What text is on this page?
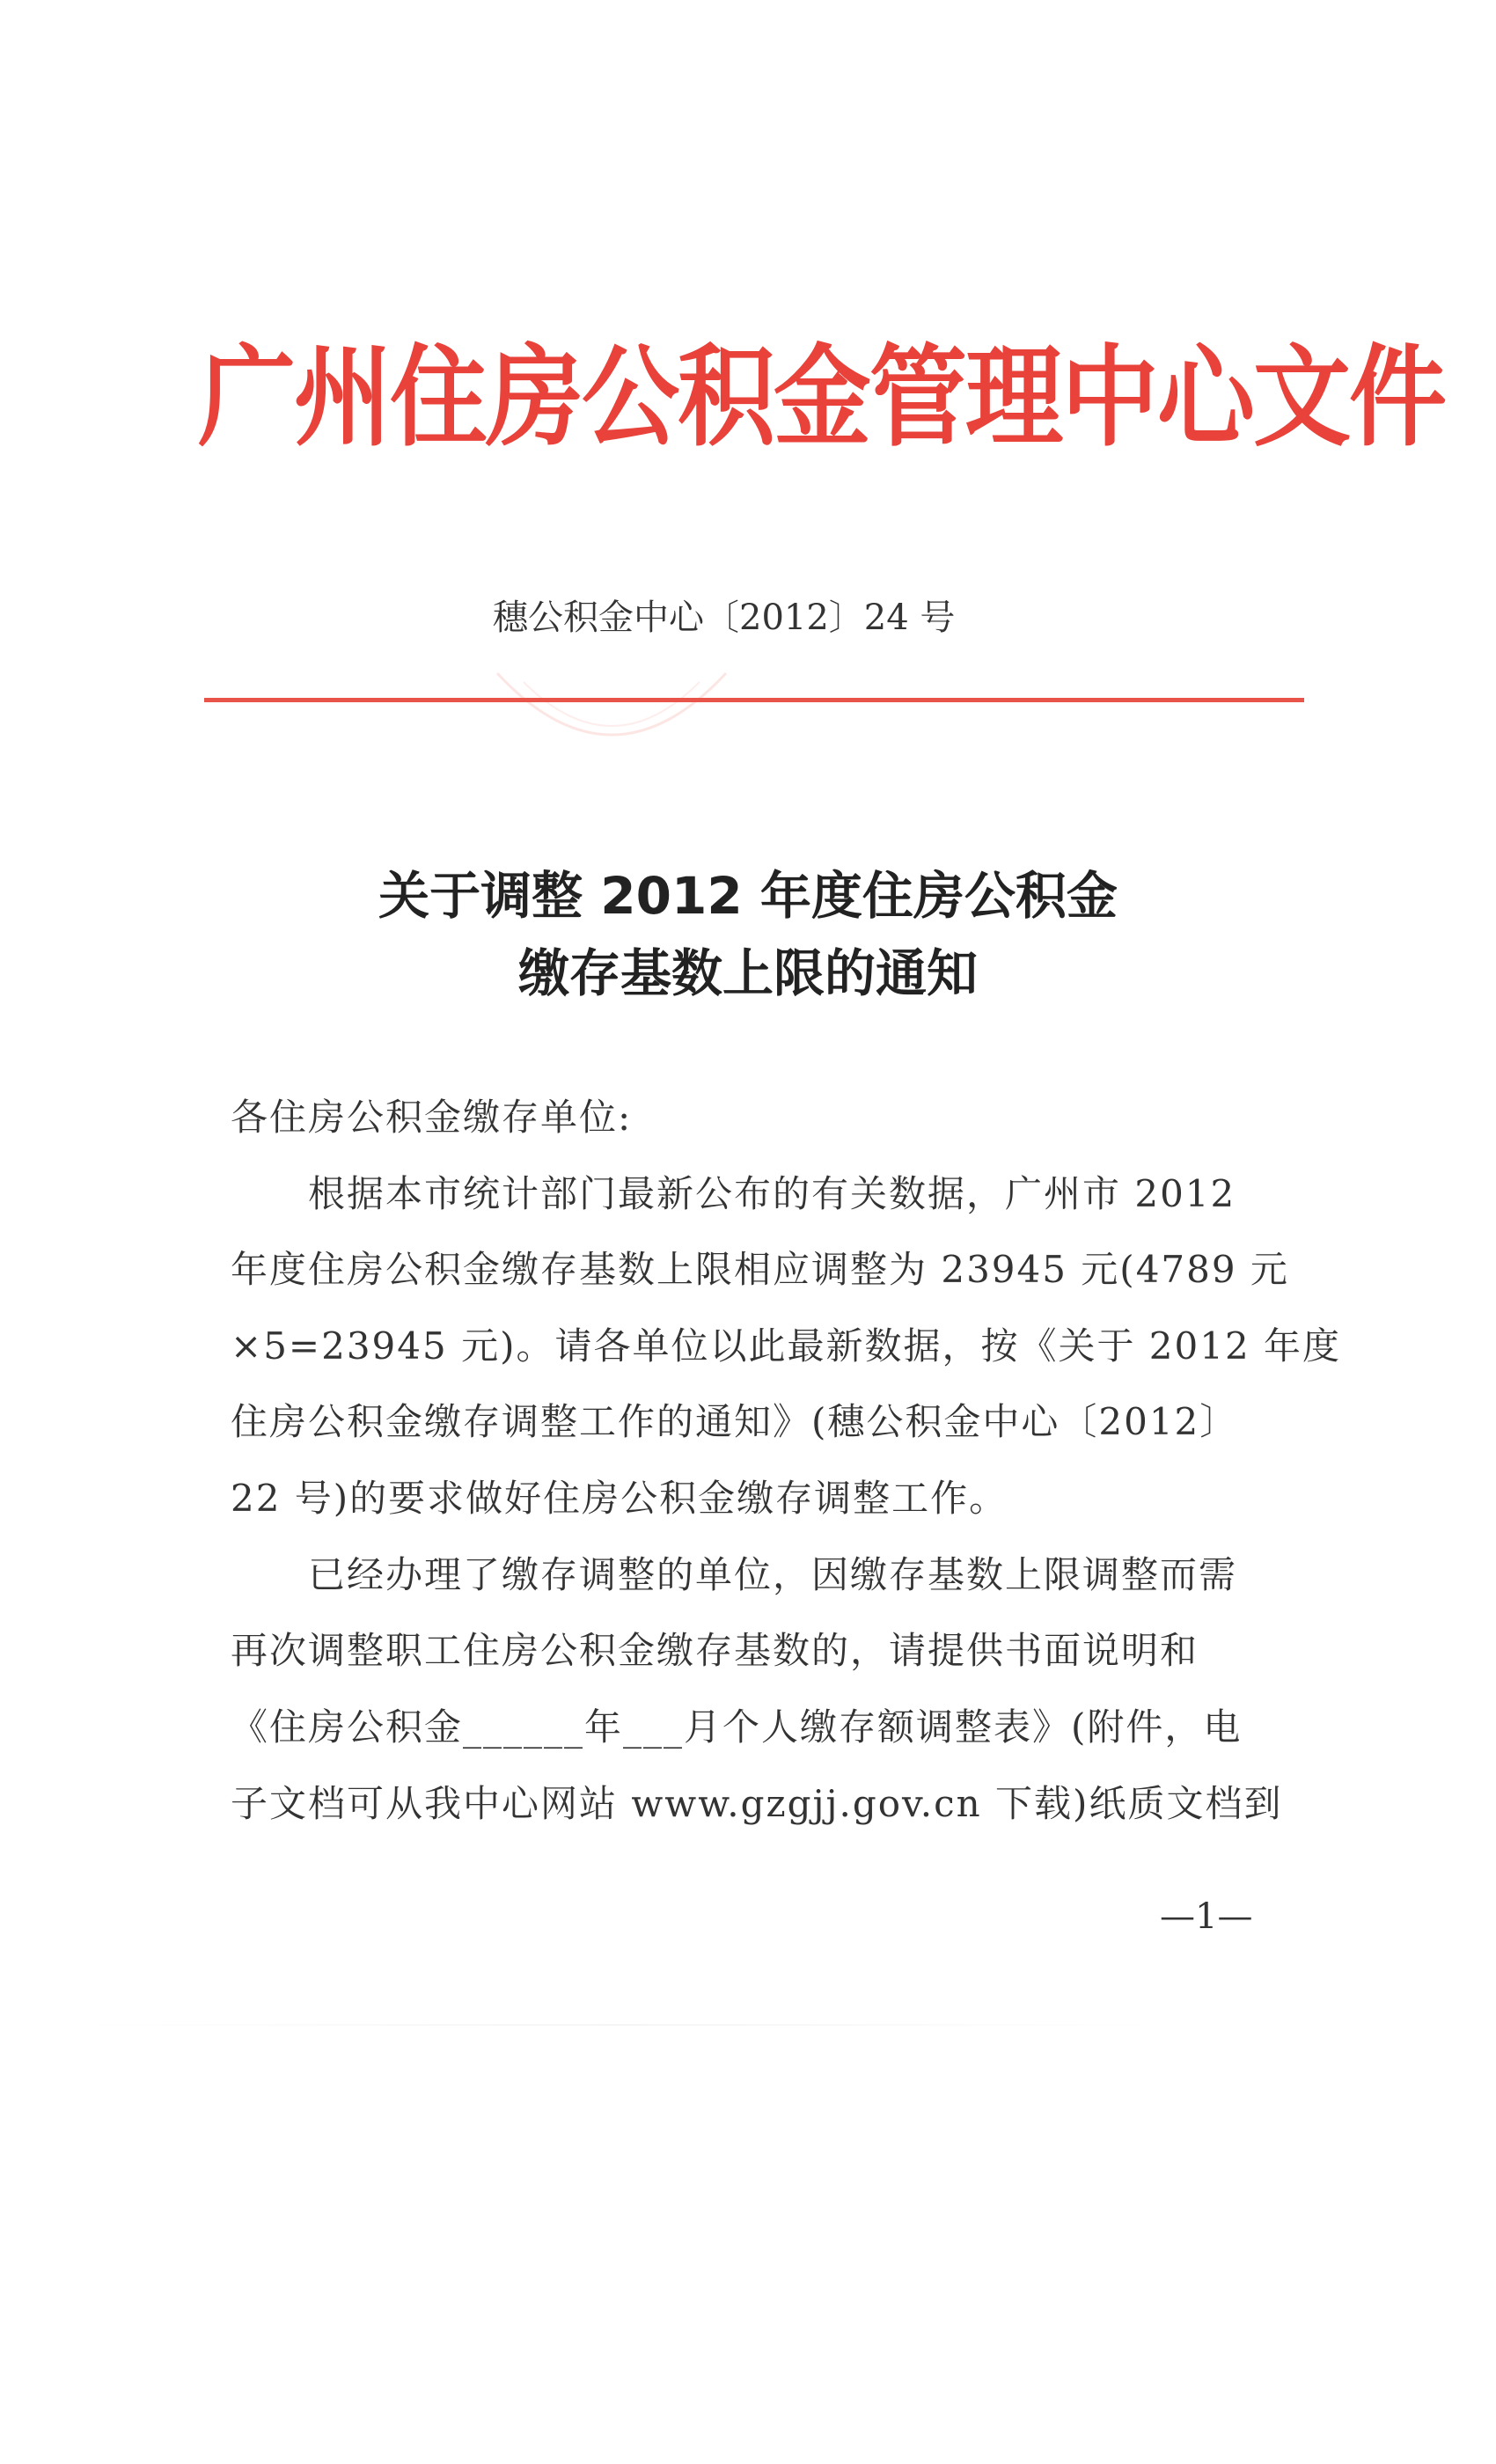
广州住房公积金管理中心文件
穗公积金中心〔2012〕24 号
关于调整 2012 年度住房公积金
缴存基数上限的通知
各住房公积金缴存单位:
　　根据本市统计部门最新公布的有关数据，广州市 2012
年度住房公积金缴存基数上限相应调整为 23945 元(4789 元
×5=23945 元)。请各单位以此最新数据，按《关于 2012 年度
住房公积金缴存调整工作的通知》(穗公积金中心〔2012〕
22 号)的要求做好住房公积金缴存调整工作。
　　已经办理了缴存调整的单位，因缴存基数上限调整而需
再次调整职工住房公积金缴存基数的，请提供书面说明和
《住房公积金______年___月个人缴存额调整表》(附件，电
子文档可从我中心网站 www.gzgjj.gov.cn 下载)纸质文档到
—1—
